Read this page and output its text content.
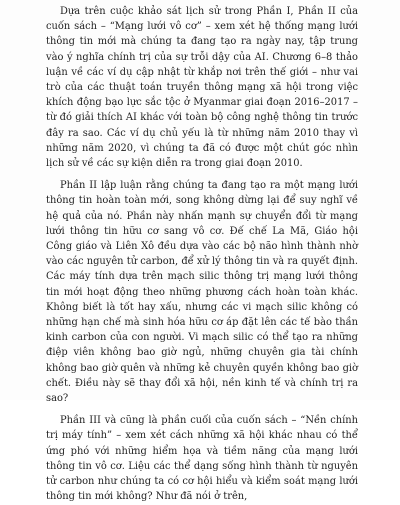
Dựa trên cuộc khảo sát lịch sử trong Phần I, Phần II của cuốn sách – “Mạng lưới vô cơ” – xem xét hệ thống mạng lưới thông tin mới mà chúng ta đang tạo ra ngày nay, tập trung vào ý nghĩa chính trị của sự trỗi dậy của AI. Chương 6–8 thảo luận về các ví dụ cập nhật từ khắp nơi trên thế giới – như vai trò của các thuật toán truyền thông mạng xã hội trong việc khích động bạo lực sắc tộc ở Myanmar giai đoạn 2016–2017 – từ đó giải thích AI khác với toàn bộ công nghệ thông tin trước đây ra sao. Các ví dụ chủ yếu là từ những năm 2010 thay vì những năm 2020, vì chúng ta đã có được một chút góc nhìn lịch sử về các sự kiện diễn ra trong giai đoạn 2010.

Phần II lập luận rằng chúng ta đang tạo ra một mạng lưới thông tin hoàn toàn mới, song không dừng lại để suy nghĩ về hệ quả của nó. Phần này nhấn mạnh sự chuyển đổi từ mạng lưới thông tin hữu cơ sang vô cơ. Đế chế La Mã, Giáo hội Công giáo và Liên Xô đều dựa vào các bộ não hình thành nhờ vào các nguyên tử carbon, để xử lý thông tin và ra quyết định. Các máy tính dựa trên mạch silic thông trị mạng lưới thông tin mới hoạt động theo những phương cách hoàn toàn khác. Không biết là tốt hay xấu, nhưng các vi mạch silic không có những hạn chế mà sinh hóa hữu cơ áp đặt lên các tế bào thần kinh carbon của con người. Vi mạch silic có thể tạo ra những điệp viên không bao giờ ngủ, những chuyên gia tài chính không bao giờ quên và những kẻ chuyên quyền không bao giờ chết. Điều này sẽ thay đổi xã hội, nền kinh tế và chính trị ra sao?

Phần III và cũng là phần cuối của cuốn sách – “Nền chính trị máy tính” – xem xét cách những xã hội khác nhau có thể ứng phó với những hiểm họa và tiềm năng của mạng lưới thông tin vô cơ. Liệu các thể dạng sống hình thành từ nguyên tử carbon như chúng ta có cơ hội hiểu và kiểm soát mạng lưới thông tin mới không? Như đã nói ở trên,
